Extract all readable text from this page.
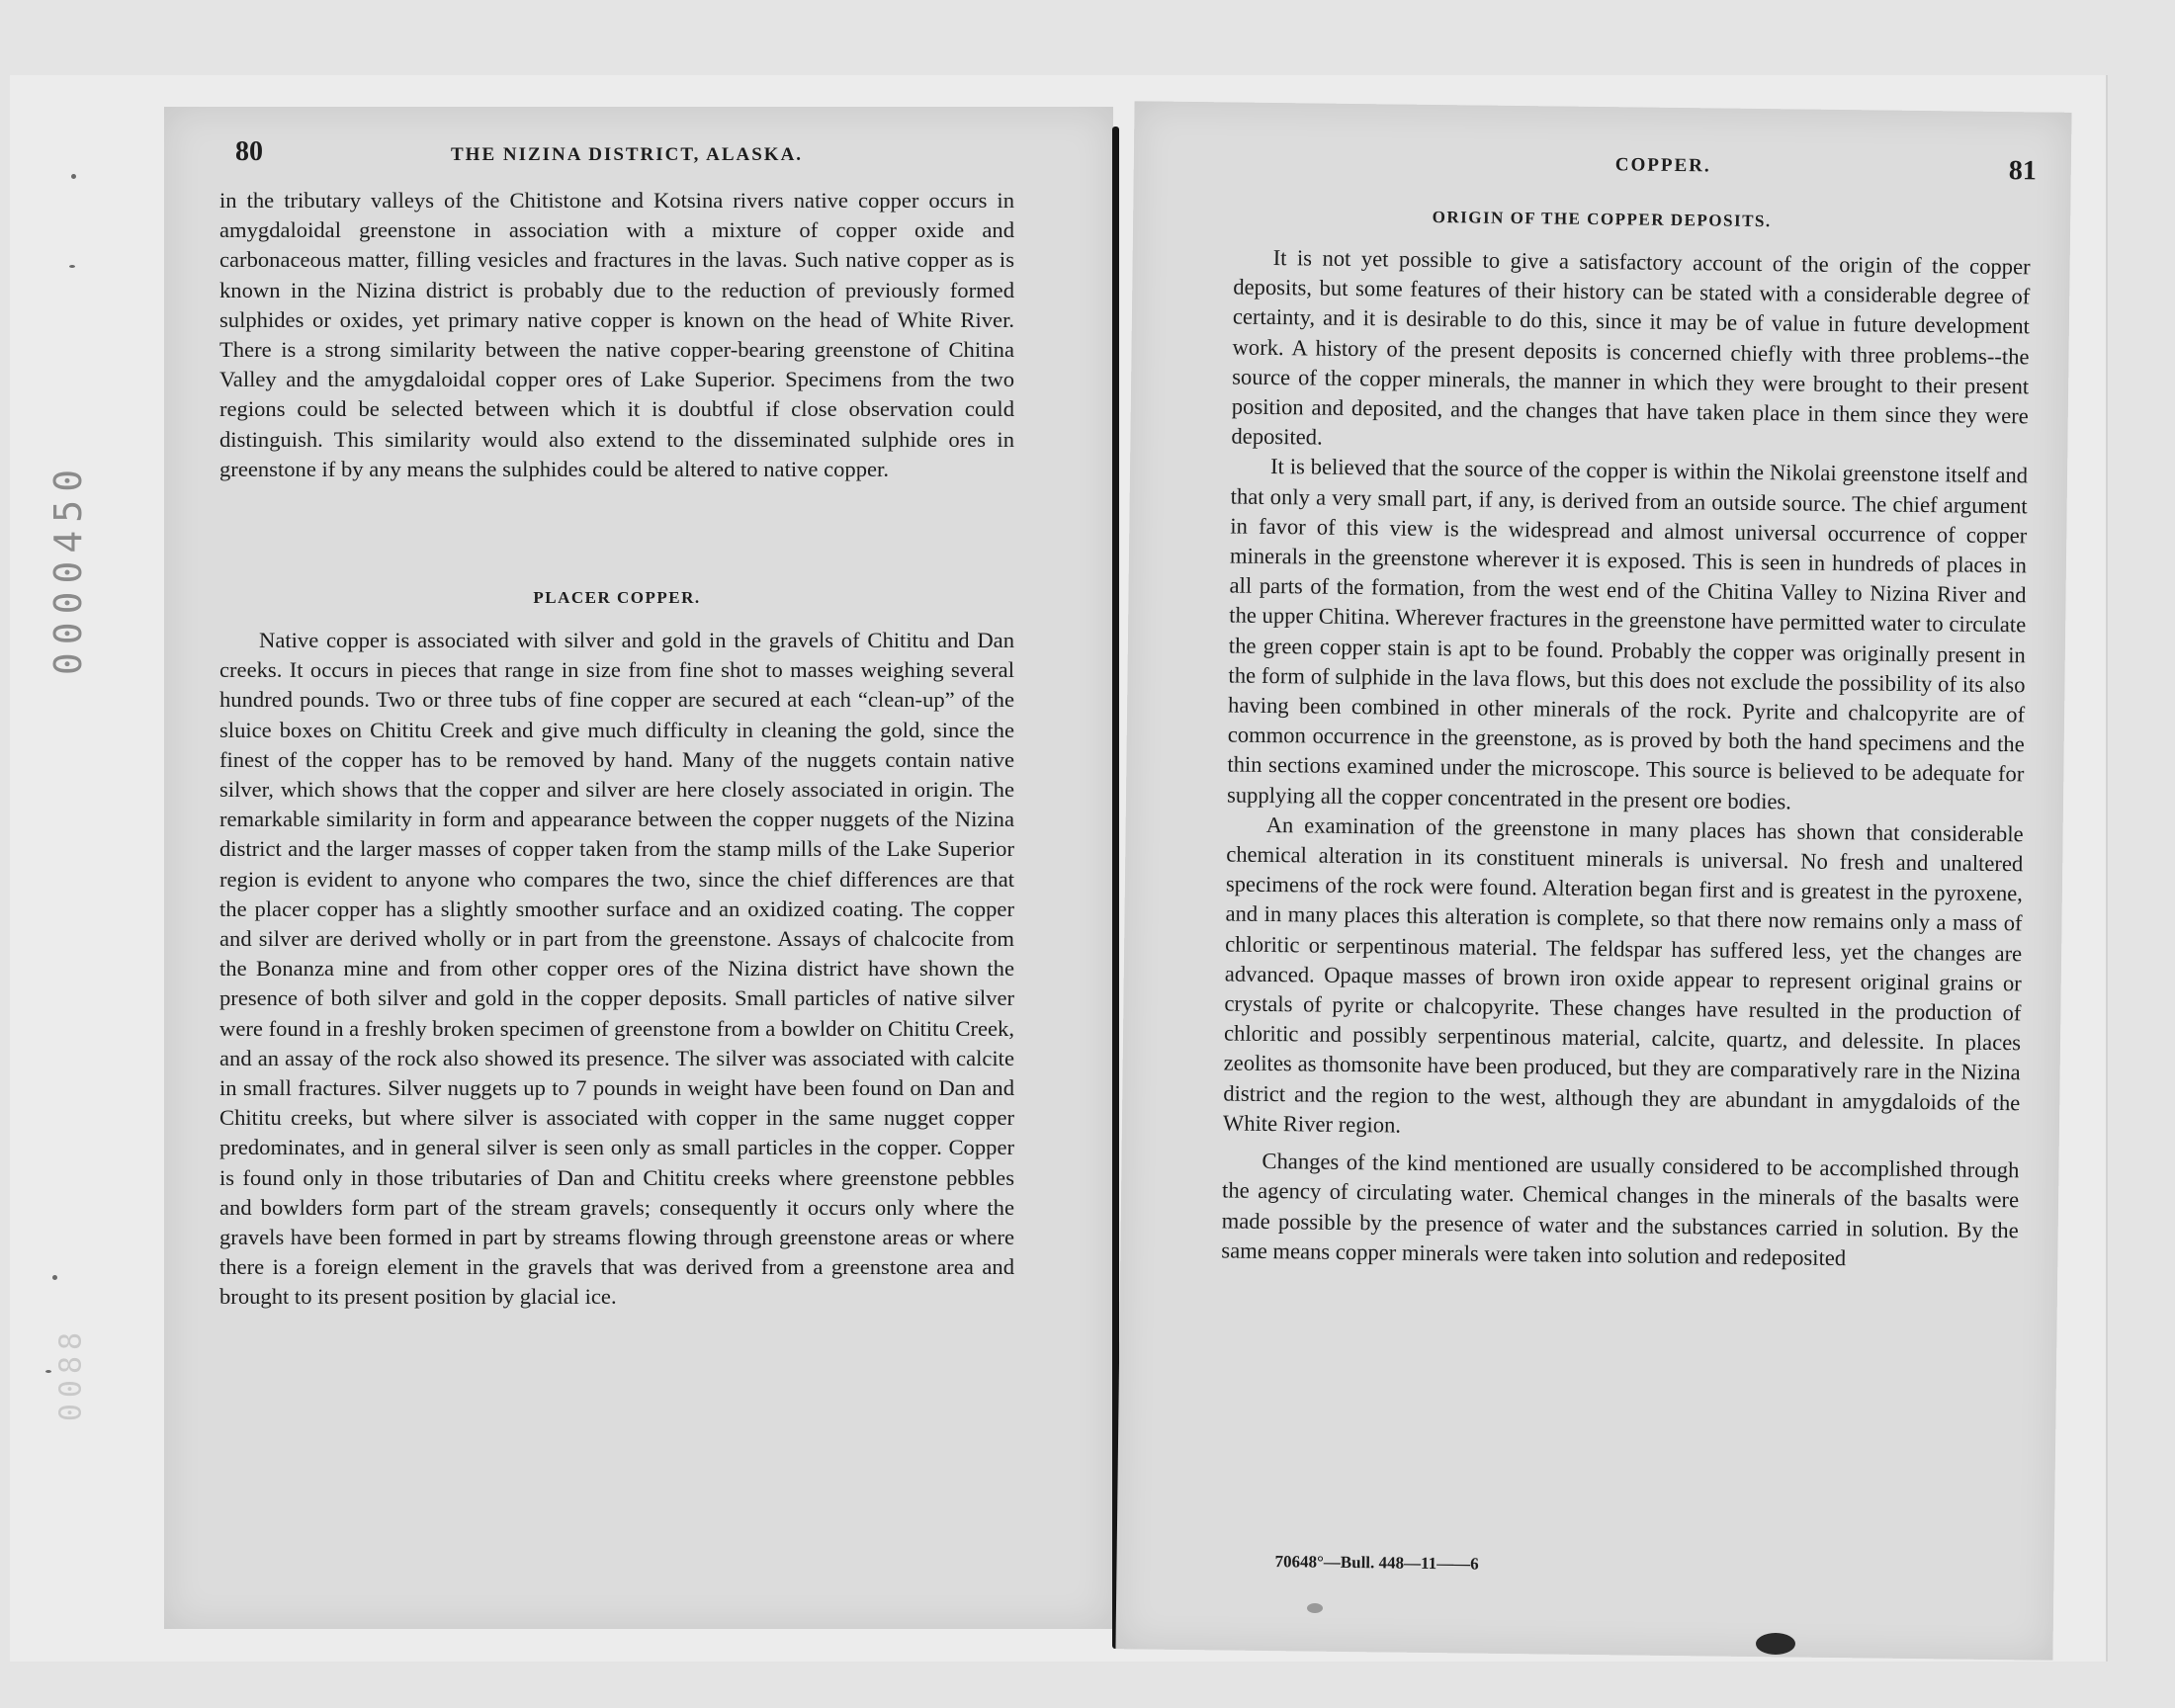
0000450
0088
80	THE NIZINA DISTRICT, ALASKA.

in the tributary valleys of the Chitistone and Kotsina rivers native copper occurs in amygdaloidal greenstone in association with a mixture of copper oxide and carbonaceous matter, filling vesicles and fractures in the lavas. Such native copper as is known in the Nizina district is probably due to the reduction of previously formed sulphides or oxides, yet primary native copper is known on the head of White River. There is a strong similarity between the native copper-bearing greenstone of Chitina Valley and the amygdaloidal copper ores of Lake Superior. Specimens from the two regions could be selected between which it is doubtful if close observation could distinguish. This similarity would also extend to the disseminated sulphide ores in greenstone if by any means the sulphides could be altered to native copper.

PLACER COPPER.

Native copper is associated with silver and gold in the gravels of Chititu and Dan creeks. It occurs in pieces that range in size from fine shot to masses weighing several hundred pounds. Two or three tubs of fine copper are secured at each “clean-up” of the sluice boxes on Chititu Creek and give much difficulty in cleaning the gold, since the finest of the copper has to be removed by hand. Many of the nuggets contain native silver, which shows that the copper and silver are here closely associated in origin. The remarkable similarity in form and appearance between the copper nuggets of the Nizina district and the larger masses of copper taken from the stamp mills of the Lake Superior region is evident to anyone who compares the two, since the chief differences are that the placer copper has a slightly smoother surface and an oxidized coating. The copper and silver are derived wholly or in part from the greenstone. Assays of chalcocite from the Bonanza mine and from other copper ores of the Nizina district have shown the presence of both silver and gold in the copper deposits. Small particles of native silver were found in a freshly broken specimen of greenstone from a bowlder on Chititu Creek, and an assay of the rock also showed its presence. The silver was associated with calcite in small fractures. Silver nuggets up to 7 pounds in weight have been found on Dan and Chititu creeks, but where silver is associated with copper in the same nugget copper predominates, and in general silver is seen only as small particles in the copper. Copper is found only in those tributaries of Dan and Chititu creeks where greenstone pebbles and bowlders form part of the stream gravels; consequently it occurs only where the gravels have been formed in part by streams flowing through greenstone areas or where there is a foreign element in the gravels that was derived from a greenstone area and brought to its present position by glacial ice.

COPPER.	81
ORIGIN OF THE COPPER DEPOSITS.

It is not yet possible to give a satisfactory account of the origin of the copper deposits, but some features of their history can be stated with a considerable degree of certainty, and it is desirable to do this, since it may be of value in future development work. A history of the present deposits is concerned chiefly with three problems--the source of the copper minerals, the manner in which they were brought to their present position and deposited, and the changes that have taken place in them since they were deposited.

It is believed that the source of the copper is within the Nikolai greenstone itself and that only a very small part, if any, is derived from an outside source. The chief argument in favor of this view is the widespread and almost universal occurrence of copper minerals in the greenstone wherever it is exposed. This is seen in hundreds of places in all parts of the formation, from the west end of the Chitina Valley to Nizina River and the upper Chitina. Wherever fractures in the greenstone have permitted water to circulate the green copper stain is apt to be found. Probably the copper was originally present in the form of sulphide in the lava flows, but this does not exclude the possibility of its also having been combined in other minerals of the rock. Pyrite and chalcopyrite are of common occurrence in the greenstone, as is proved by both the hand specimens and the thin sections examined under the microscope. This source is believed to be adequate for supplying all the copper concentrated in the present ore bodies.

An examination of the greenstone in many places has shown that considerable chemical alteration in its constituent minerals is universal. No fresh and unaltered specimens of the rock were found. Alteration began first and is greatest in the pyroxene, and in many places this alteration is complete, so that there now remains only a mass of chloritic or serpentinous material. The feldspar has suffered less, yet the changes are advanced. Opaque masses of brown iron oxide appear to represent original grains or crystals of pyrite or chalcopyrite. These changes have resulted in the production of chloritic and possibly serpentinous material, calcite, quartz, and delessite. In places zeolites as thomsonite have been produced, but they are comparatively rare in the Nizina district and the region to the west, although they are abundant in amygdaloids of the White River region.

Changes of the kind mentioned are usually considered to be accomplished through the agency of circulating water. Chemical changes in the minerals of the basalts were made possible by the presence of water and the substances carried in solution. By the same means copper minerals were taken into solution and redeposited

70648°—Bull. 448—11——6
